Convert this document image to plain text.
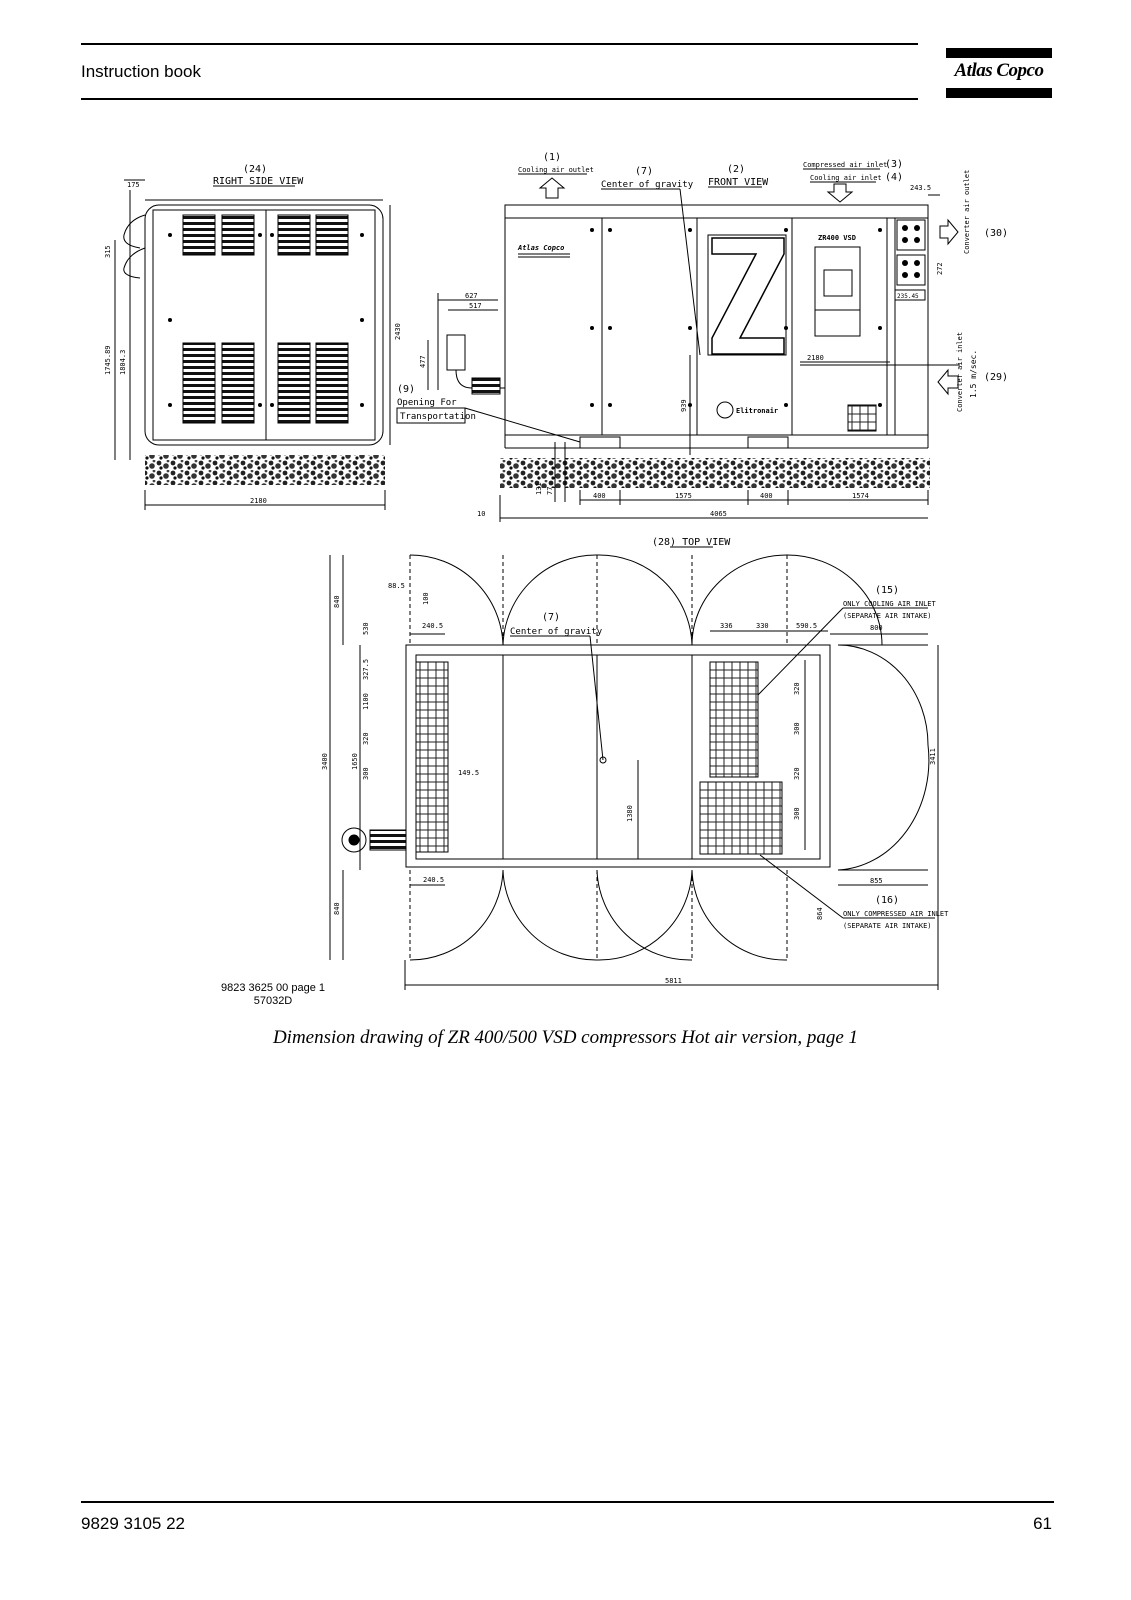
Instruction book	Atlas Copco
(24)
RIGHT SIDE VIEW
175
315
1745.89 1804.3
2430
2180
(1)
Cooling air outlet	(7)
Center of gravity
(2)
FRONT VIEW
Compressed air inlet
(3)
Cooling air inlet (4)
Atlas Copco
ZR400 VSD
Elitronair
627
517
477
939
2180
(9)
Opening For
Transportation
(30)
Converter air outlet
(29)
Converter air inlet 1.5 m/sec.
243.5
272
235.45
131 77
400	1575	400	1574
10	4065
(28) TOP VIEW
840
3400	1650
840
88.5
100
530	240.5
327.5
1100
320
300	149.5
1380
240.5
336	330	590.5	800
320
300
320
300
855
3411
864
(15)
ONLY COOLING AIR INLET
(SEPARATE AIR INTAKE)
(7)
Center of gravity
(16)
ONLY COMPRESSED AIR INLET
(SEPARATE AIR INTAKE)
5811
9823 3625 00 page 1
57032D
Dimension drawing of ZR 400/500 VSD compressors Hot air version, page 1
9829 3105 22	61
